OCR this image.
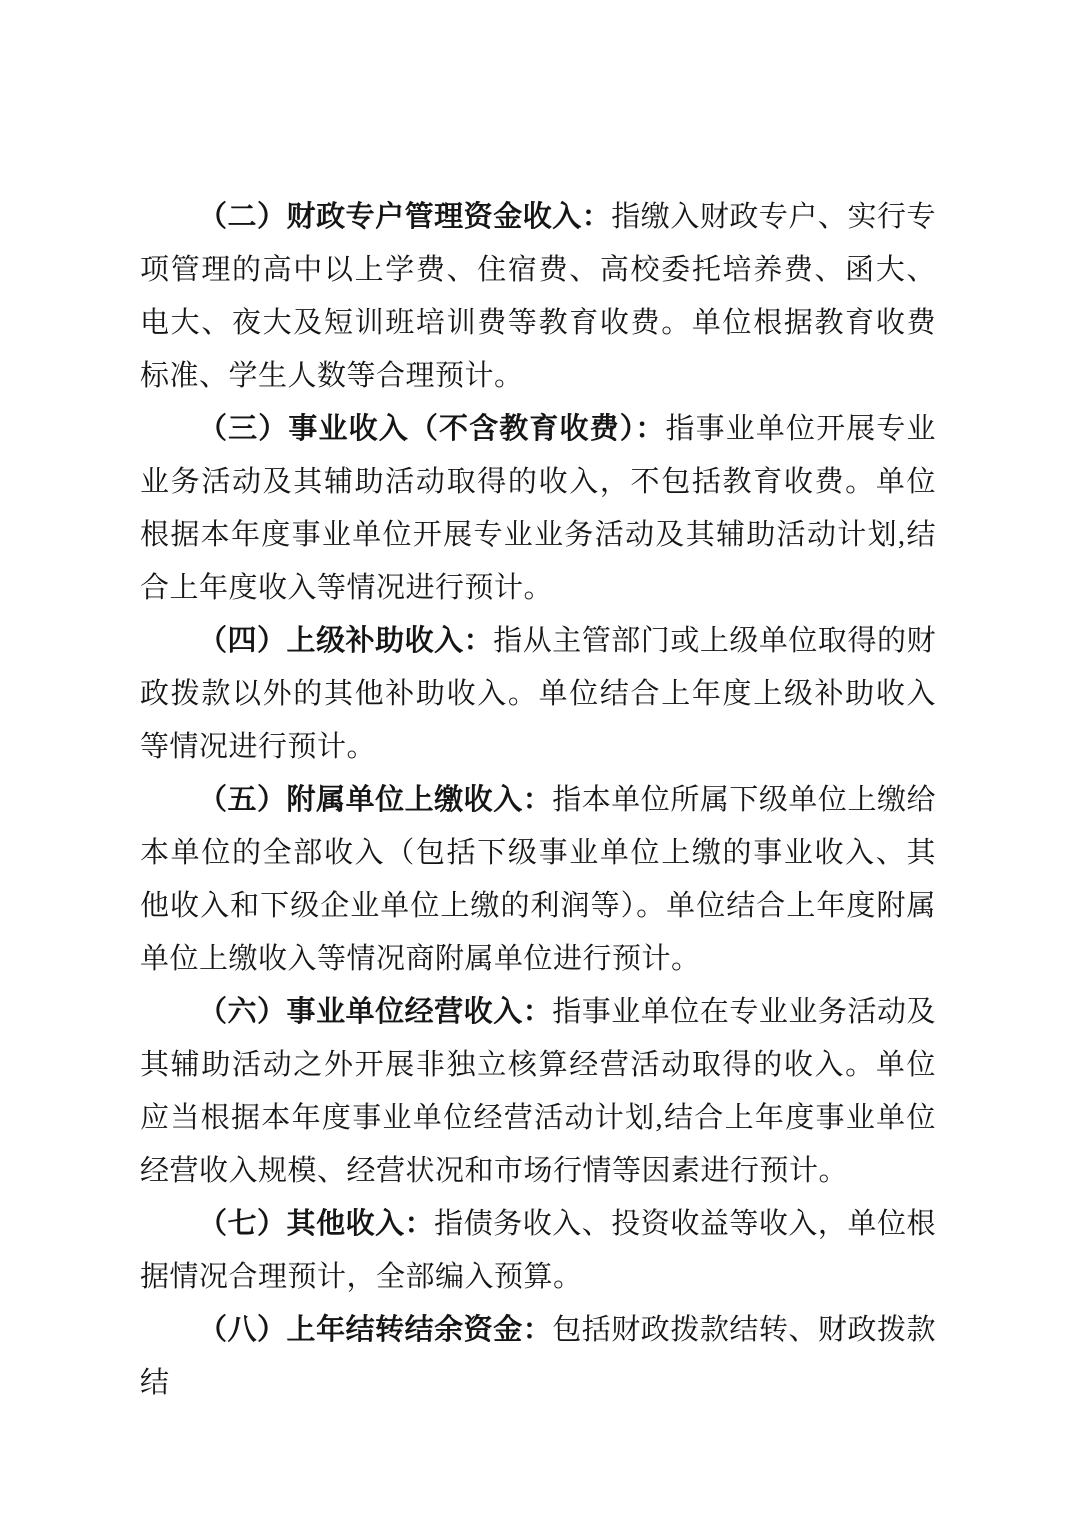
（二）财政专户管理资金收入：指缴入财政专户、实行专项管理的高中以上学费、住宿费、高校委托培养费、函大、电大、夜大及短训班培训费等教育收费。单位根据教育收费标准、学生人数等合理预计。

（三）事业收入（不含教育收费）：指事业单位开展专业业务活动及其辅助活动取得的收入，不包括教育收费。单位根据本年度事业单位开展专业业务活动及其辅助活动计划,结合上年度收入等情况进行预计。

（四）上级补助收入：指从主管部门或上级单位取得的财政拨款以外的其他补助收入。单位结合上年度上级补助收入等情况进行预计。

（五）附属单位上缴收入：指本单位所属下级单位上缴给本单位的全部收入（包括下级事业单位上缴的事业收入、其他收入和下级企业单位上缴的利润等）。单位结合上年度附属单位上缴收入等情况商附属单位进行预计。

（六）事业单位经营收入：指事业单位在专业业务活动及其辅助活动之外开展非独立核算经营活动取得的收入。单位应当根据本年度事业单位经营活动计划,结合上年度事业单位经营收入规模、经营状况和市场行情等因素进行预计。

（七）其他收入：指债务收入、投资收益等收入，单位根据情况合理预计，全部编入预算。

（八）上年结转结余资金：包括财政拨款结转、财政拨款结
